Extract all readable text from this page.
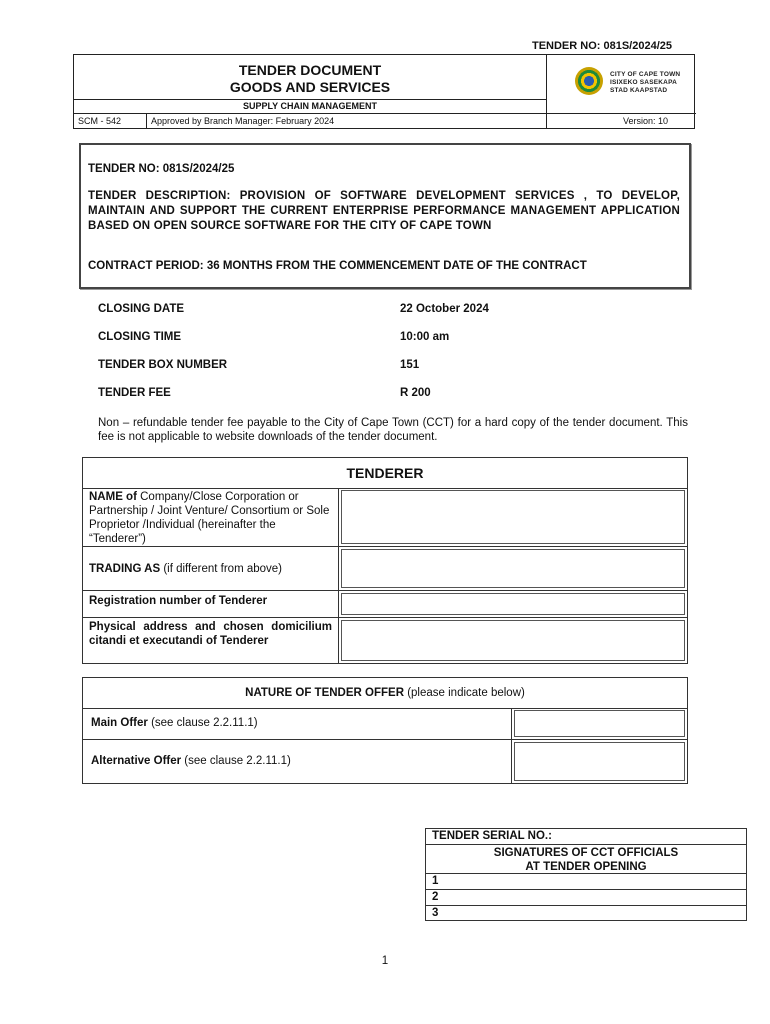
TENDER NO: 081S/2024/25
TENDER DOCUMENT
GOODS AND SERVICES
SUPPLY CHAIN MANAGEMENT
CITY OF CAPE TOWN
ISIXEKO SASEKAPA
STAD KAAPSTAD
SCM - 542	Approved by Branch Manager: February 2024	Version: 10
TENDER NO: 081S/2024/25
TENDER DESCRIPTION: PROVISION OF SOFTWARE DEVELOPMENT SERVICES , TO DEVELOP, MAINTAIN AND SUPPORT THE CURRENT ENTERPRISE PERFORMANCE MANAGEMENT APPLICATION BASED ON OPEN SOURCE SOFTWARE FOR THE CITY OF CAPE TOWN
CONTRACT PERIOD: 36 MONTHS FROM THE COMMENCEMENT DATE OF THE CONTRACT
CLOSING DATE	22 October 2024
CLOSING TIME	10:00 am
TENDER BOX NUMBER	151
TENDER FEE	R 200
Non – refundable tender fee payable to the City of Cape Town (CCT) for a hard copy of the tender document. This fee is not applicable to website downloads of the tender document.
TENDERER
NAME of Company/Close Corporation or Partnership / Joint Venture/ Consortium or Sole Proprietor /Individual (hereinafter the “Tenderer”)
TRADING AS (if different from above)
Registration number of Tenderer
Physical address and chosen domicilium citandi et executandi of Tenderer
NATURE OF TENDER OFFER (please indicate below)
Main Offer (see clause 2.2.11.1)
Alternative Offer (see clause 2.2.11.1)
TENDER SERIAL NO.:
SIGNATURES OF CCT OFFICIALS
AT TENDER OPENING
1
2
3
1
